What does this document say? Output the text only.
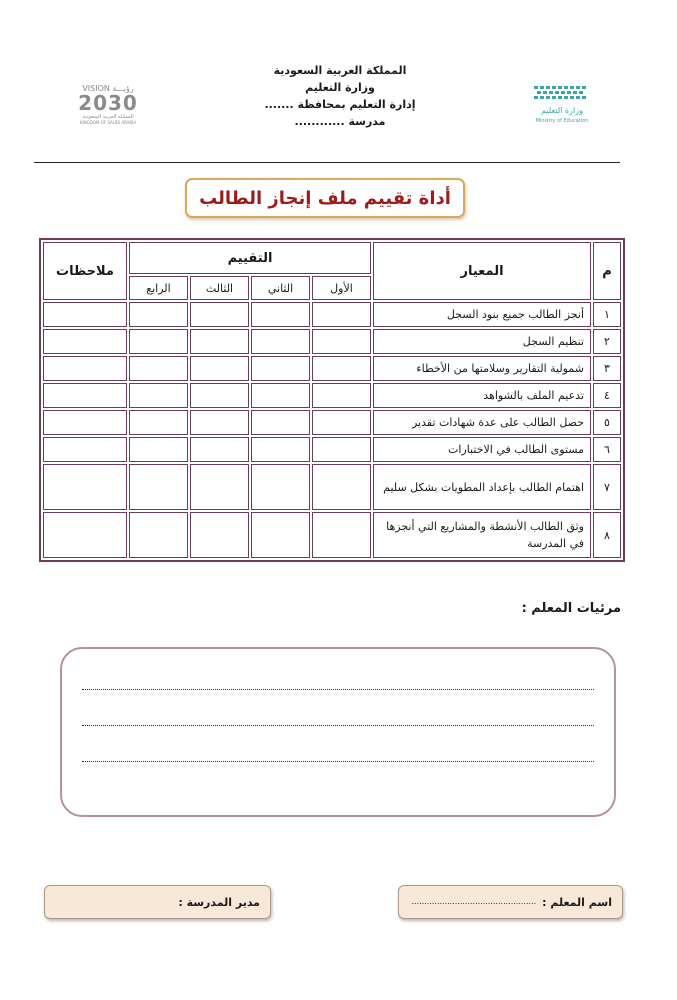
المملكة العربية السعودية
وزارة التعليم
إدارة التعليم بمحافظة .......
مدرسة ............
VISION رؤيـــة
2030
المملكة العربية السعودية
KINGDOM OF SAUDI ARABIA
وزارة التعليم
Ministry of Education
أداة تقييم ملف إنجاز الطالب
م	المعيار	التقييم				ملاحظات
		الأول	الثاني	الثالث	الرابع	
١	أنجز الطالب جميع بنود السجل					
٢	تنظيم السجل					
٣	شمولية التقارير وسلامتها من الأخطاء					
٤	تدعيم الملف بالشواهد					
٥	حصل الطالب على عدة شهادات تقدير					
٦	مستوى الطالب في الاختبارات					
٧	اهتمام الطالب بإعداد المطويات بشكل سليم					

٨	وثق الطالب الأنشطة والمشاريع التي أنجزها في المدرسة					

مرئيات المعلم :
اسم المعلم :
.................................................
مدير المدرسة :
